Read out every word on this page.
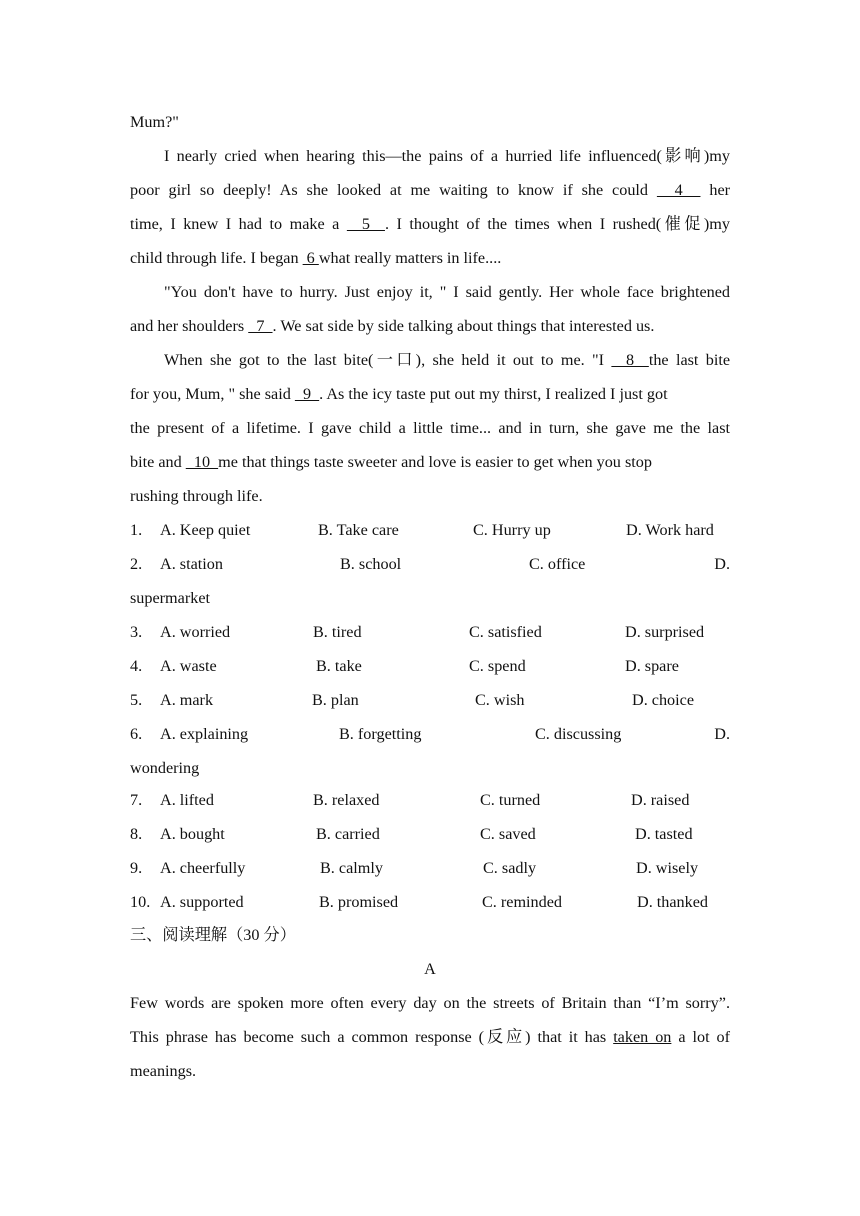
Mum?"
I nearly cried when hearing this—the pains of a hurried life influenced(影响)my
poor girl so deeply! As she looked at me waiting to know if she could   4   her
time, I knew I had to make a   5  . I thought of the times when I rushed(催促)my
child through life. I began  6 what really matters in life....
"You don't have to hurry. Just enjoy it, " I said gently. Her whole face brightened
and her shoulders   7  . We sat side by side talking about things that interested us.
When she got to the last bite(一口), she held it out to me. "I   8  the last bite
for you, Mum, " she said   9  . As the icy taste put out my thirst, I realized I just got
the present of a lifetime. I gave child a little time... and in turn, she gave me the last
bite and   10  me that things taste sweeter and love is easier to get when you stop
rushing through life.
1. A. Keep quiet	B. Take care	C. Hurry up	D. Work hard
2. A. station	B. school	C. office	D.
supermarket
3. A. worried	B. tired	C. satisfied	D. surprised
4. A. waste	B. take	C. spend	D. spare
5. A. mark	B. plan	C. wish	D. choice
6. A. explaining	B. forgetting	C. discussing	D.
wondering
7. A. lifted	B. relaxed	C. turned	D. raised
8. A. bought	B. carried	C. saved	D. tasted
9. A. cheerfully	B. calmly	C. sadly	D. wisely
10. A. supported	B. promised	C. reminded	D. thanked
三、阅读理解（30 分）
A
Few words are spoken more often every day on the streets of Britain than “I’m sorry”.
This phrase has become such a common response (反应) that it has taken on a lot of
meanings.
